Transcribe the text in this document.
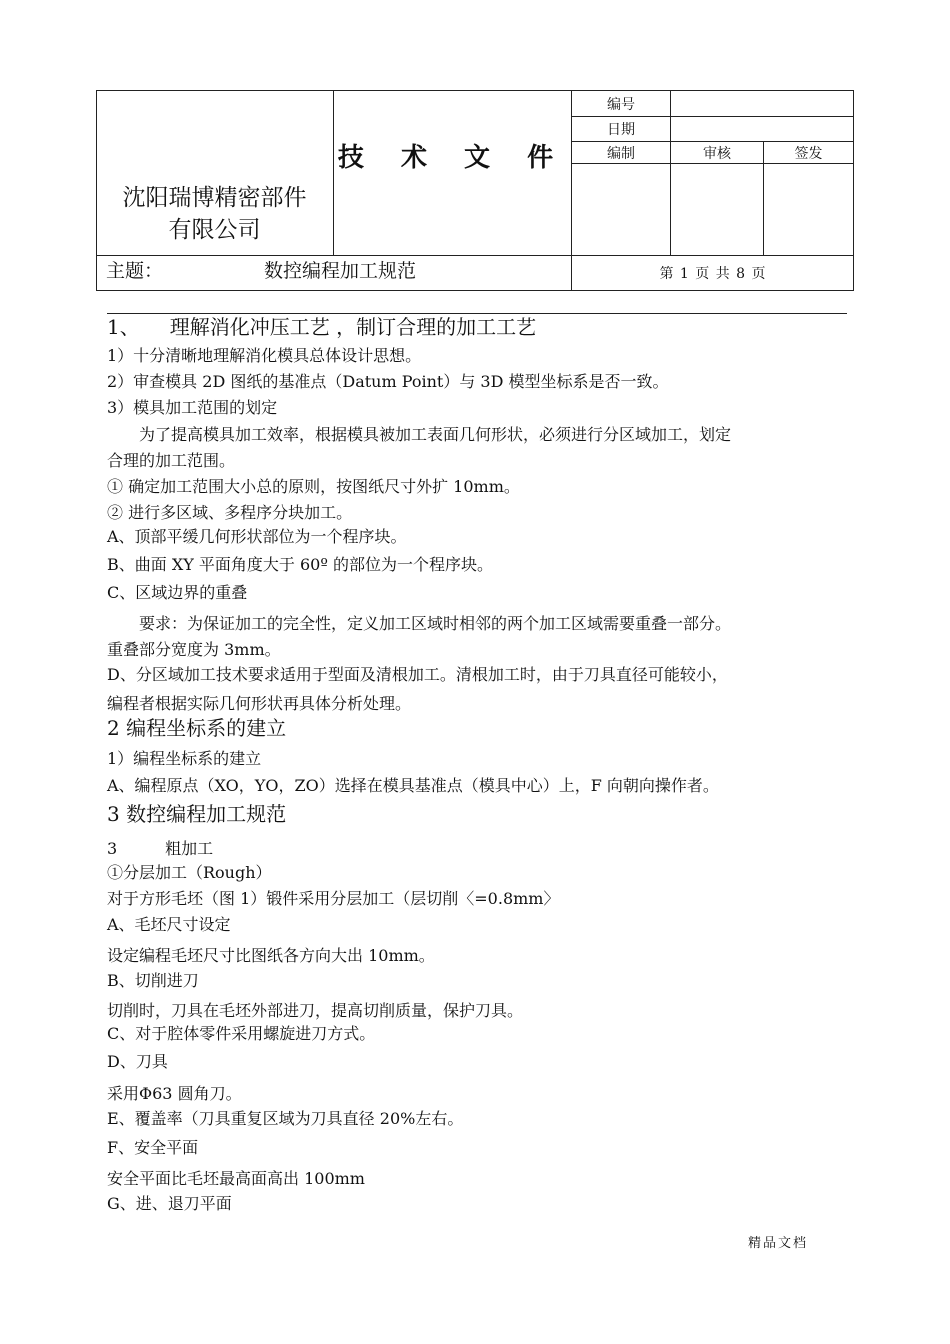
沈阳瑞博精密部件
有限公司
技 术 文 件
编号
日期
编制	审核	签发
主题：	数控编程加工规范	第 1 页 共 8 页
1、　　理解消化冲压工艺 ，制订合理的加工工艺
1）十分清晰地理解消化模具总体设计思想。
2）审查模具 2D 图纸的基准点（Datum Point）与 3D 模型坐标系是否一致。
3）模具加工范围的划定
　　为了提高模具加工效率，根据模具被加工表面几何形状，必须进行分区域加工，划定
合理的加工范围。
① 确定加工范围大小总的原则，按图纸尺寸外扩 10mm。
② 进行多区域、多程序分块加工。
A、顶部平缓几何形状部位为一个程序块。
B、曲面 XY 平面角度大于 60º 的部位为一个程序块。
C、区域边界的重叠
　　要求：为保证加工的完全性，定义加工区域时相邻的两个加工区域需要重叠一部分。
重叠部分宽度为 3mm。
D、分区域加工技术要求适用于型面及清根加工。清根加工时，由于刀具直径可能较小，
编程者根据实际几何形状再具体分析处理。
2 编程坐标系的建立
1）编程坐标系的建立
A、编程原点（XO，YO，ZO）选择在模具基准点（模具中心）上，F 向朝向操作者。
3 数控编程加工规范
3　　　粗加工
①分层加工（Rough）
对于方形毛坯（图 1）锻件采用分层加工（层切削〈=0.8mm〉
A、毛坯尺寸设定
设定编程毛坯尺寸比图纸各方向大出 10mm。
B、切削进刀
切削时，刀具在毛坯外部进刀，提高切削质量，保护刀具。
C、对于腔体零件采用螺旋进刀方式。
D、刀具
采用Φ63 圆角刀。
E、覆盖率（刀具重复区域为刀具直径 20%左右。
F、安全平面
安全平面比毛坯最高面高出 100mm
G、进、退刀平面
精品文档
